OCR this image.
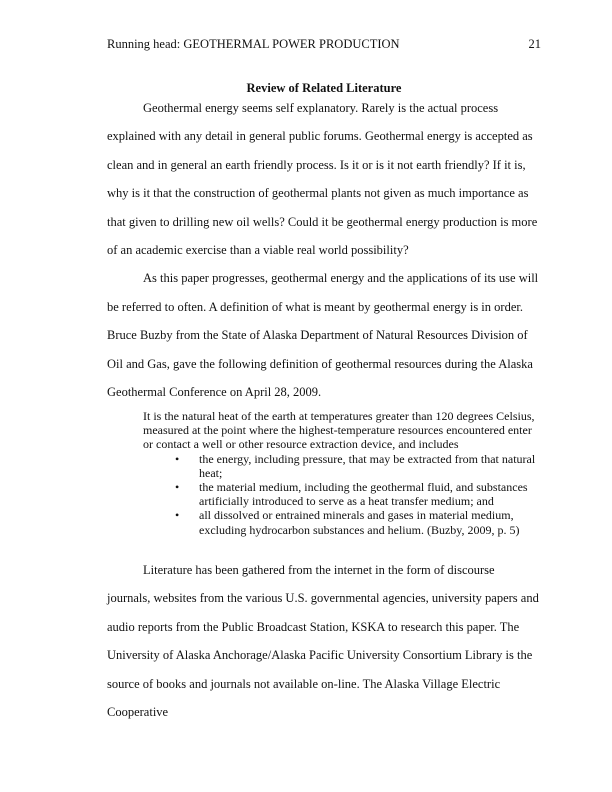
Running head: GEOTHERMAL POWER PRODUCTION	21
Review of Related Literature

Geothermal energy seems self explanatory. Rarely is the actual process explained with any detail in general public forums. Geothermal energy is accepted as clean and in general an earth friendly process. Is it or is it not earth friendly? If it is, why is it that the construction of geothermal plants not given as much importance as that given to drilling new oil wells? Could it be geothermal energy production is more of an academic exercise than a viable real world possibility?

As this paper progresses, geothermal energy and the applications of its use will be referred to often. A definition of what is meant by geothermal energy is in order. Bruce Buzby from the State of Alaska Department of Natural Resources Division of Oil and Gas, gave the following definition of geothermal resources during the Alaska Geothermal Conference on April 28, 2009.

It is the natural heat of the earth at temperatures greater than 120 degrees Celsius, measured at the point where the highest-temperature resources encountered enter or contact a well or other resource extraction device, and includes

• the energy, including pressure, that may be extracted from that natural heat;
• the material medium, including the geothermal fluid, and substances artificially introduced to serve as a heat transfer medium; and
• all dissolved or entrained minerals and gases in material medium, excluding hydrocarbon substances and helium. (Buzby, 2009, p. 5)

Literature has been gathered from the internet in the form of discourse journals, websites from the various U.S. governmental agencies, university papers and audio reports from the Public Broadcast Station, KSKA to research this paper. The University of Alaska Anchorage/Alaska Pacific University Consortium Library is the source of books and journals not available on-line. The Alaska Village Electric Cooperative
